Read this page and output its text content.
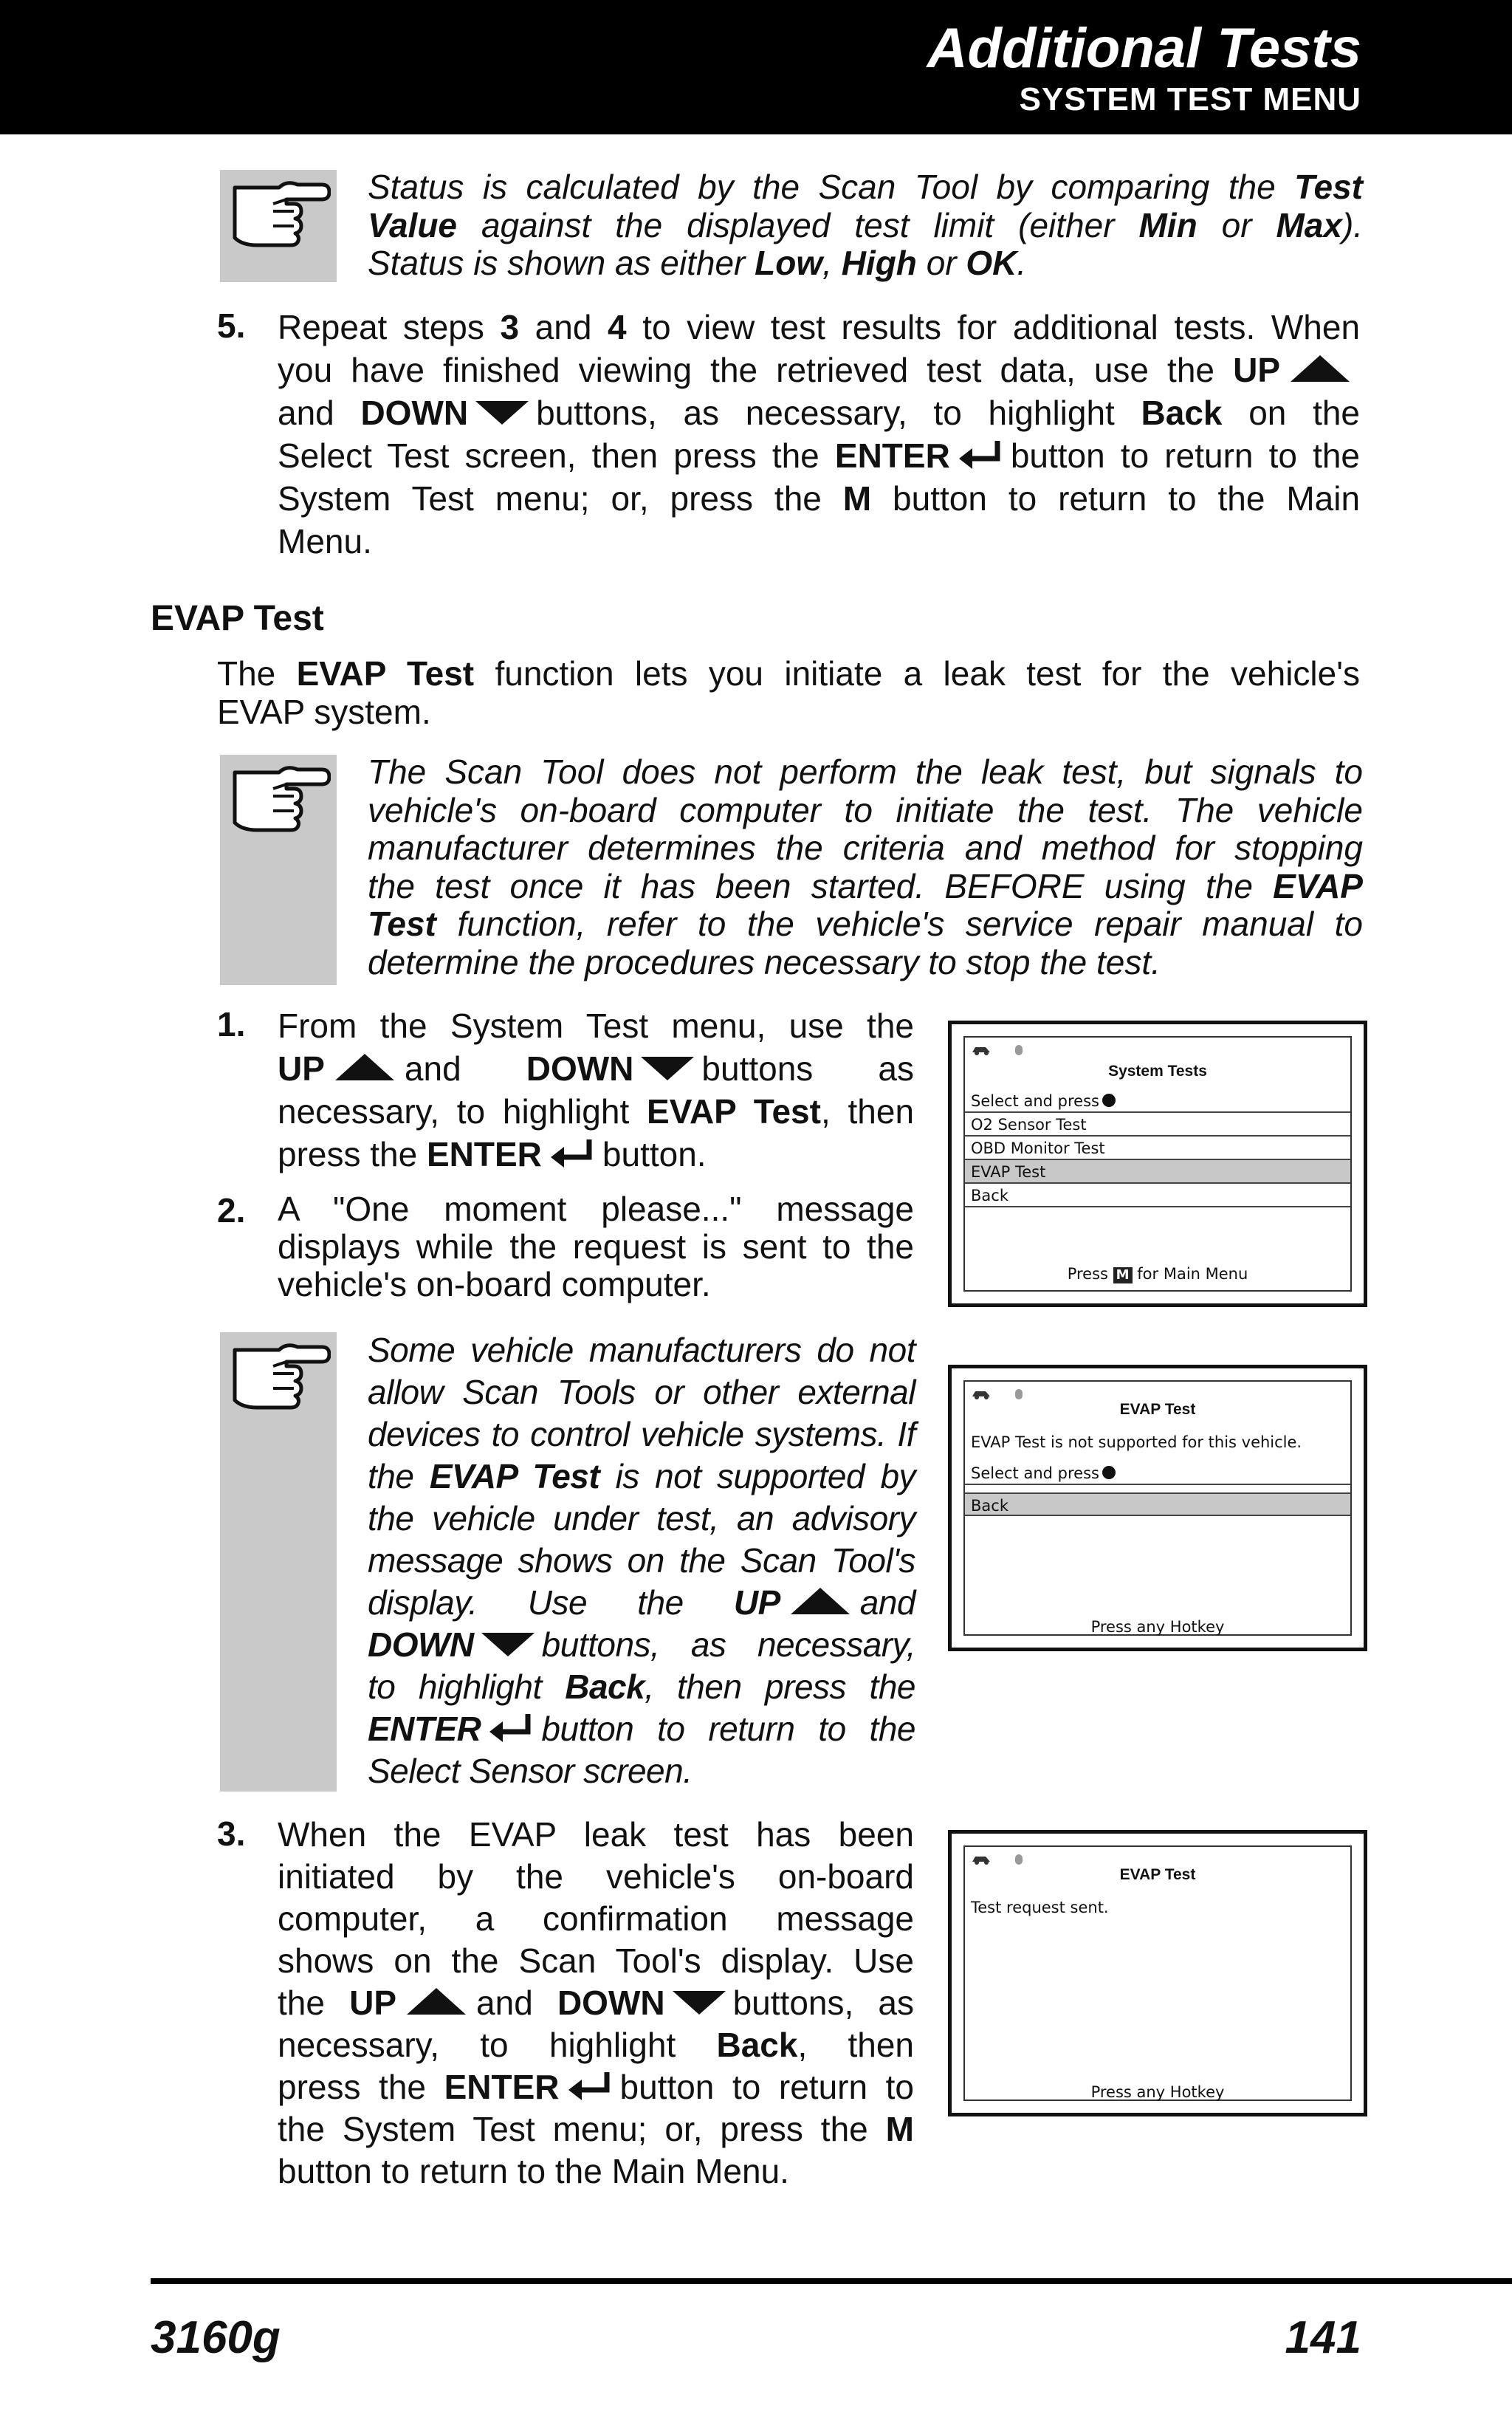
Additional Tests
SYSTEM TEST MENU
Status is calculated by the Scan Tool by comparing the Test
Value against the displayed test limit (either Min or Max).
Status is shown as either Low, High or OK.
5. Repeat steps 3 and 4 to view test results for additional tests. When
you have finished viewing the retrieved test data, use the UP
and DOWN buttons, as necessary, to highlight Back on the
Select Test screen, then press the ENTER button to return to the
System Test menu; or, press the M button to return to the Main
Menu.
EVAP Test
The EVAP Test function lets you initiate a leak test for the vehicle's
EVAP system.
The Scan Tool does not perform the leak test, but signals to
vehicle's on-board computer to initiate the test. The vehicle
manufacturer determines the criteria and method for stopping
the test once it has been started. BEFORE using the EVAP
Test function, refer to the vehicle's service repair manual to
determine the procedures necessary to stop the test.
1. From the System Test menu, use the
UP and DOWN buttons as
necessary, to highlight EVAP Test, then
press the ENTER button.
2. A "One moment please..." message
displays while the request is sent to the
vehicle's on-board computer.
System Tests
Select and press
O2 Sensor Test
OBD Monitor Test
EVAP Test
Back
Press M for Main Menu
Some vehicle manufacturers do not
allow Scan Tools or other external
devices to control vehicle systems. If
the EVAP Test is not supported by
the vehicle under test, an advisory
message shows on the Scan Tool's
display. Use the UP and
DOWN buttons, as necessary,
to highlight Back, then press the
ENTER button to return to the
Select Sensor screen.
EVAP Test
EVAP Test is not supported for this vehicle.
Select and press
Back
Press any Hotkey
3. When the EVAP leak test has been
initiated by the vehicle's on-board
computer, a confirmation message
shows on the Scan Tool's display. Use
the UP and DOWN buttons, as
necessary, to highlight Back, then
press the ENTER button to return to
the System Test menu; or, press the M
button to return to the Main Menu.
EVAP Test
Test request sent.
Press any Hotkey
3160g	141
